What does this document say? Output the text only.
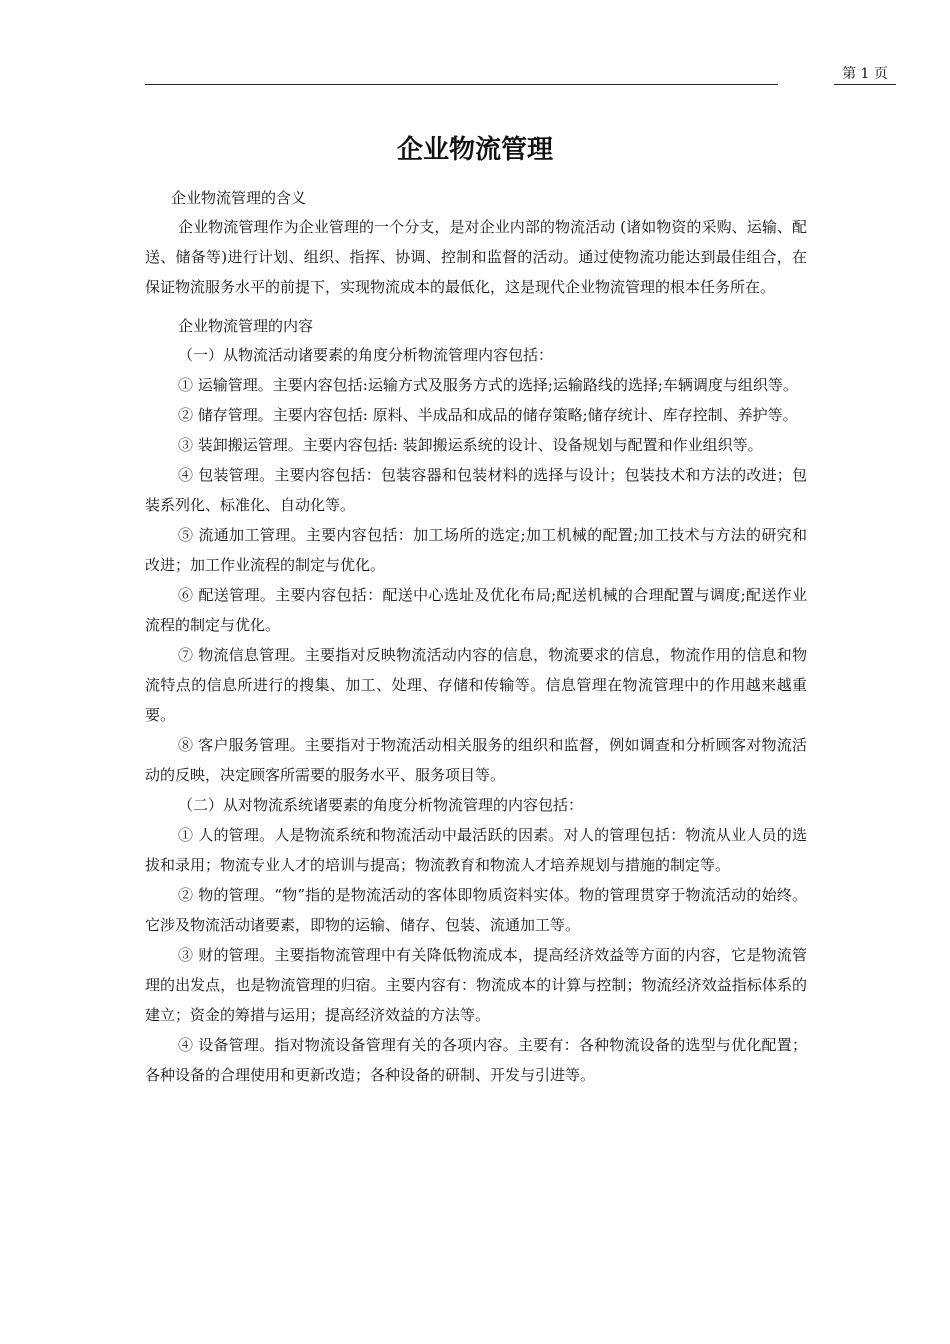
第 1 页
企业物流管理

企业物流管理的含义

企业物流管理作为企业管理的一个分支，是对企业内部的物流活动 (诸如物资的采购、运输、配送、储备等)进行计划、组织、指挥、协调、控制和监督的活动。通过使物流功能达到最佳组合，在保证物流服务水平的前提下，实现物流成本的最低化，这是现代企业物流管理的根本任务所在。

企业物流管理的内容

（一）从物流活动诸要素的角度分析物流管理内容包括：

① 运输管理。主要内容包括:运输方式及服务方式的选择;运输路线的选择;车辆调度与组织等。

② 储存管理。主要内容包括: 原料、半成品和成品的储存策略;储存统计、库存控制、养护等。

③ 装卸搬运管理。主要内容包括: 装卸搬运系统的设计、设备规划与配置和作业组织等。

④ 包装管理。主要内容包括：包装容器和包装材料的选择与设计；包装技术和方法的改进；包装系列化、标准化、自动化等。

⑤ 流通加工管理。主要内容包括：加工场所的选定;加工机械的配置;加工技术与方法的研究和改进；加工作业流程的制定与优化。

⑥ 配送管理。主要内容包括：配送中心选址及优化布局;配送机械的合理配置与调度;配送作业流程的制定与优化。

⑦ 物流信息管理。主要指对反映物流活动内容的信息，物流要求的信息，物流作用的信息和物流特点的信息所进行的搜集、加工、处理、存储和传输等。信息管理在物流管理中的作用越来越重要。

⑧ 客户服务管理。主要指对于物流活动相关服务的组织和监督，例如调查和分析顾客对物流活动的反映，决定顾客所需要的服务水平、服务项目等。

（二）从对物流系统诸要素的角度分析物流管理的内容包括：

① 人的管理。人是物流系统和物流活动中最活跃的因素。对人的管理包括：物流从业人员的选拔和录用；物流专业人才的培训与提高；物流教育和物流人才培养规划与措施的制定等。

② 物的管理。“物”指的是物流活动的客体即物质资料实体。物的管理贯穿于物流活动的始终。它涉及物流活动诸要素，即物的运输、储存、包装、流通加工等。

③ 财的管理。主要指物流管理中有关降低物流成本，提高经济效益等方面的内容，它是物流管理的出发点，也是物流管理的归宿。主要内容有：物流成本的计算与控制；物流经济效益指标体系的建立；资金的筹措与运用；提高经济效益的方法等。

④ 设备管理。指对物流设备管理有关的各项内容。主要有：各种物流设备的选型与优化配置；各种设备的合理使用和更新改造；各种设备的研制、开发与引进等。
